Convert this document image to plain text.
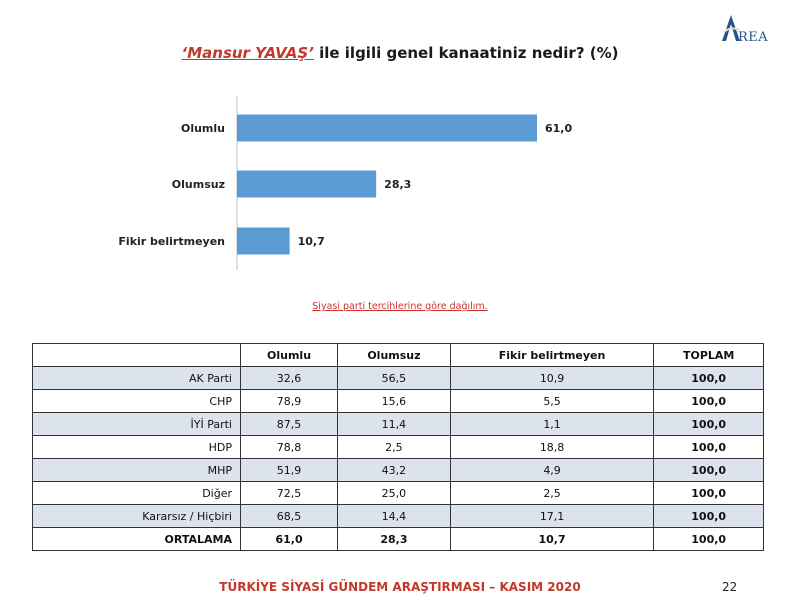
‘Mansur YAVAŞ’ ile ilgili genel kanaatiniz nedir? (%)
REA
Olumlu	61,0
Olumsuz	28,3
Fikir belirtmeyen	10,7
Siyasi parti tercihlerine göre dağılım.
	Olumlu	Olumsuz	Fikir belirtmeyen	TOPLAM
AK Parti	32,6	56,5	10,9	100,0
CHP	78,9	15,6	5,5	100,0
İYİ Parti	87,5	11,4	1,1	100,0
HDP	78,8	2,5	18,8	100,0
MHP	51,9	43,2	4,9	100,0
Diğer	72,5	25,0	2,5	100,0
Kararsız / Hiçbiri	68,5	14,4	17,1	100,0
ORTALAMA	61,0	28,3	10,7	100,0
TÜRKİYE SİYASİ GÜNDEM ARAŞTIRMASI – KASIM 2020	22
